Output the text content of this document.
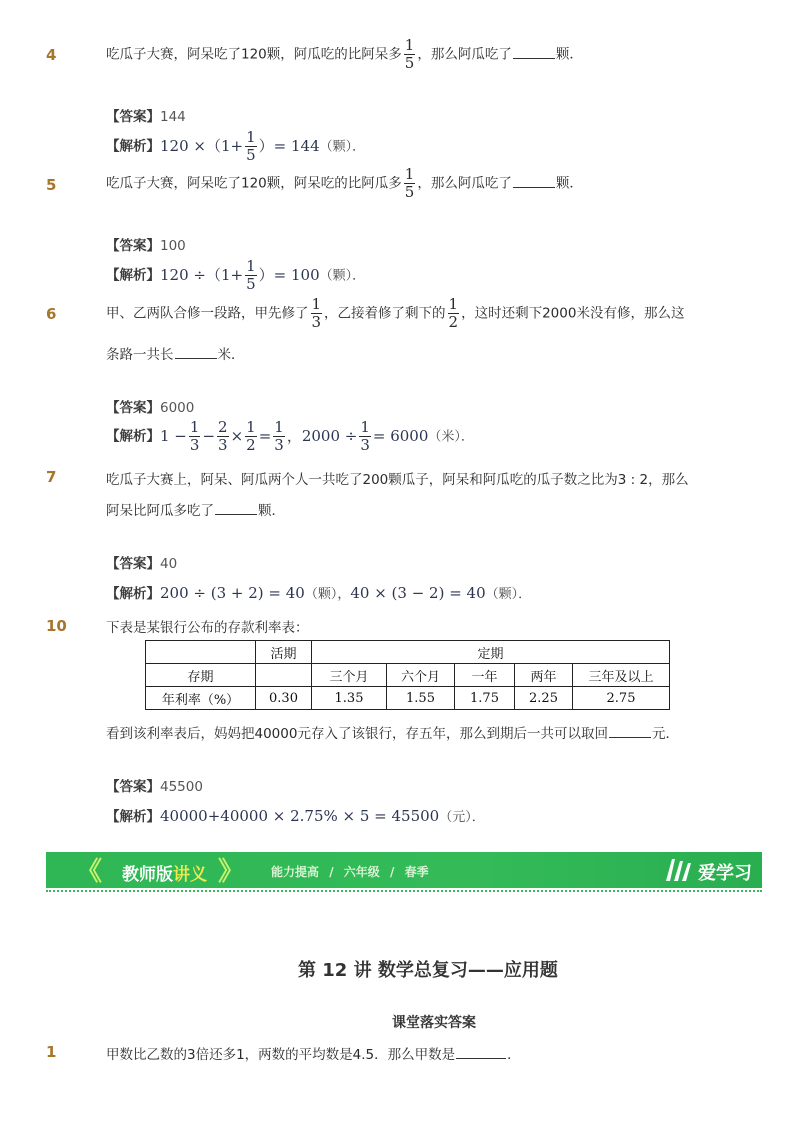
4	吃瓜子大赛，阿呆吃了120颗，阿瓜吃的比阿呆多 $\frac{1}{5}$ ，那么阿瓜吃了	颗．
【答案】144
【解析】$120 \times(1+ \frac{1}{5}$ ）= 144（颗）．
5	吃瓜子大赛，阿呆吃了120颗，阿呆吃的比阿瓜多 $\frac{1}{5}$ ，那么阿瓜吃了	颗．
【答案】100
【解析】$120 \div(1+ \frac{1}{5}$ ）= 100（颗）．
6	甲、乙两队合修一段路，甲先修了 $\frac{1}{3}$ ，乙接着修了剩下的 $\frac{1}{2}$ ，这时还剩下2000米没有修，那么这
条路一共长	米．
【答案】6000
【解析】$1 - \frac{1}{3} - \frac{2}{3} \times \frac{1}{2} = \frac{1}{3}$ ，$2000 \div \frac{1}{3} = 6000$（米）．
7	吃瓜子大赛上，阿呆、阿瓜两个人一共吃了200颗瓜子，阿呆和阿瓜吃的瓜子数之比为3 : 2，那么
阿呆比阿瓜多吃了	颗．
【答案】40
【解析】200 ÷ (3 + 2) = 40（颗），40 × (3 − 2) = 40（颗）．
10	下表是某银行公布的存款利率表：
	活期	定期				
存期		三个月	六个月	一年	两年	三年及以上
年利率（%）	0.30	1.35	1.55	1.75	2.25	2.75
看到该利率表后，妈妈把40000元存入了该银行，存五年，那么到期后一共可以取回	元．
【答案】45500
【解析】40000+40000 × 2.75% × 5 = 45500（元）．
《 教师版讲义 》 能力提高 / 六年级 / 春季	爱学习
第 12 讲 数学总复习——应用题
课堂落实答案
1	甲数比乙数的3倍还多1，两数的平均数是4.5．那么甲数是	．
